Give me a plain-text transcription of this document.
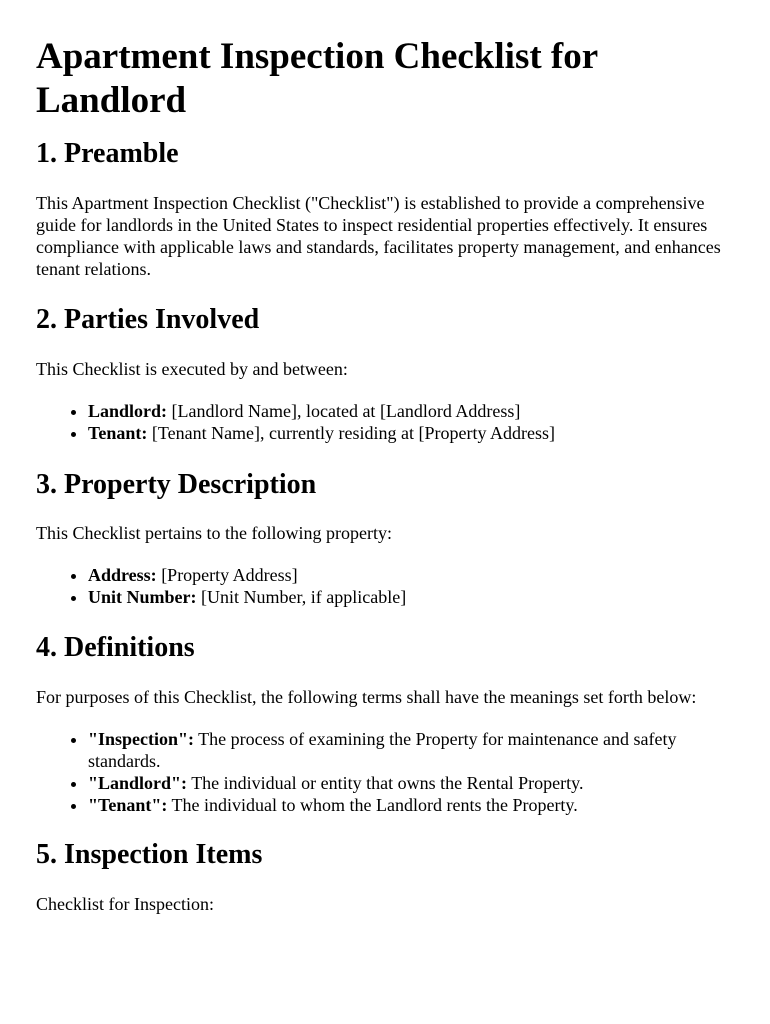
Apartment Inspection Checklist for Landlord
1. Preamble

This Apartment Inspection Checklist ("Checklist") is established to provide a comprehensive guide for landlords in the United States to inspect residential properties effectively. It ensures compliance with applicable laws and standards, facilitates property management, and enhances tenant relations.

2. Parties Involved

This Checklist is executed by and between:

• Landlord: [Landlord Name], located at [Landlord Address]
• Tenant: [Tenant Name], currently residing at [Property Address]
3. Property Description

This Checklist pertains to the following property:

• Address: [Property Address]
• Unit Number: [Unit Number, if applicable]
4. Definitions

For purposes of this Checklist, the following terms shall have the meanings set forth below:

• "Inspection": The process of examining the Property for maintenance and safety standards.
• "Landlord": The individual or entity that owns the Rental Property.
• "Tenant": The individual to whom the Landlord rents the Property.
5. Inspection Items

Checklist for Inspection:
